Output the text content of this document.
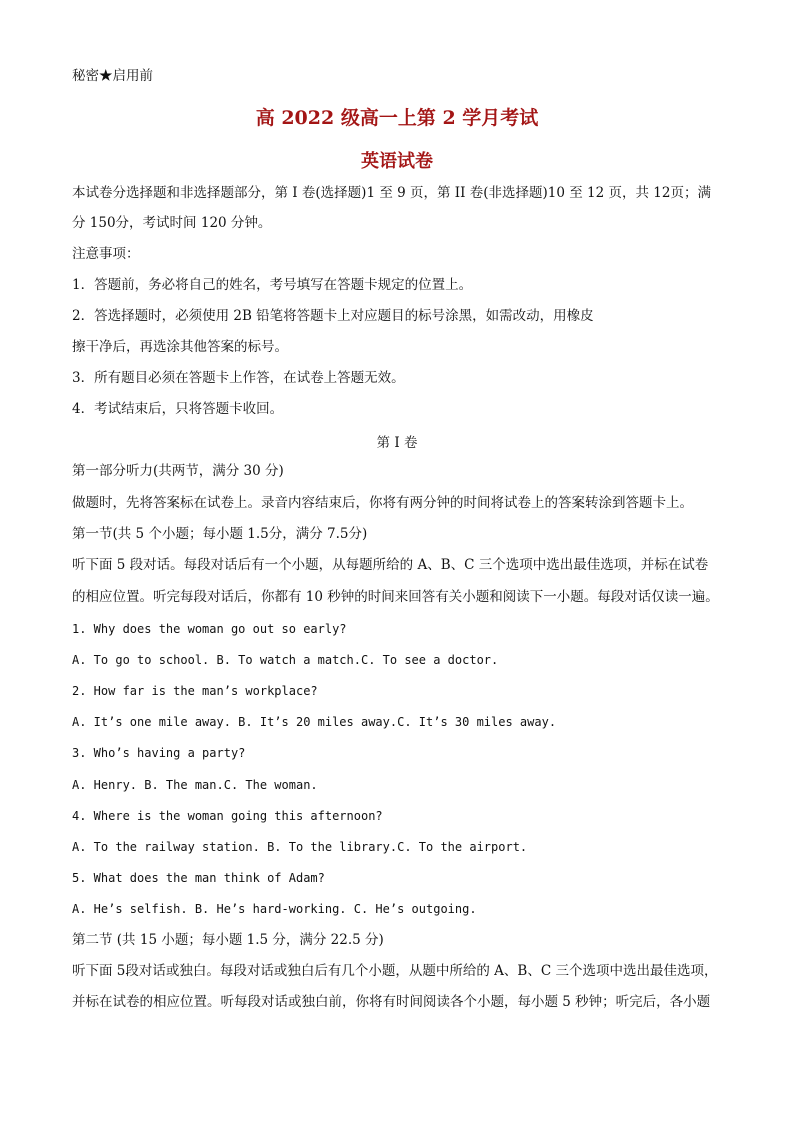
秘密★启用前
高 2022 级高一上第 2 学月考试
英语试卷
本试卷分选择题和非选择题部分，第 I 卷(选择题)1 至 9 页，第 II 卷(非选择题)10 至 12 页，共 12页；满
分 150分，考试时间 120 分钟。
注意事项：
1．答题前，务必将自己的姓名，考号填写在答题卡规定的位置上。
2．答选择题时，必须使用 2B 铅笔将答题卡上对应题目的标号涂黑，如需改动，用橡皮
擦干净后，再选涂其他答案的标号。
3．所有题目必须在答题卡上作答，在试卷上答题无效。
4．考试结束后，只将答题卡收回。
第 I 卷
第一部分听力(共两节，满分 30 分)
做题时，先将答案标在试卷上。录音内容结束后，你将有两分钟的时间将试卷上的答案转涂到答题卡上。
第一节(共 5 个小题；每小题 1.5分，满分 7.5分)
听下面 5 段对话。每段对话后有一个小题，从每题所给的 A、B、C 三个选项中选出最佳选项，并标在试卷
的相应位置。听完每段对话后，你都有 10 秒钟的时间来回答有关小题和阅读下一小题。每段对话仅读一遍。
1. Why does the woman go out so early?
A. To go to school. B. To watch a match.C. To see a doctor.
2. How far is the man’s workplace?
A. It’s one mile away. B. It’s 20 miles away.C. It’s 30 miles away.
3. Who’s having a party?
A. Henry. B. The man.C. The woman.
4. Where is the woman going this afternoon?
A. To the railway station. B. To the library.C. To the airport.
5. What does the man think of Adam?
A. He’s selfish. B. He’s hard-working. C. He’s outgoing.
第二节 (共 15 小题；每小题 1.5 分，满分 22.5 分)
听下面 5段对话或独白。每段对话或独白后有几个小题，从题中所给的 A、B、C 三个选项中选出最佳选项，
并标在试卷的相应位置。听每段对话或独白前，你将有时间阅读各个小题，每小题 5 秒钟；听完后，各小题
